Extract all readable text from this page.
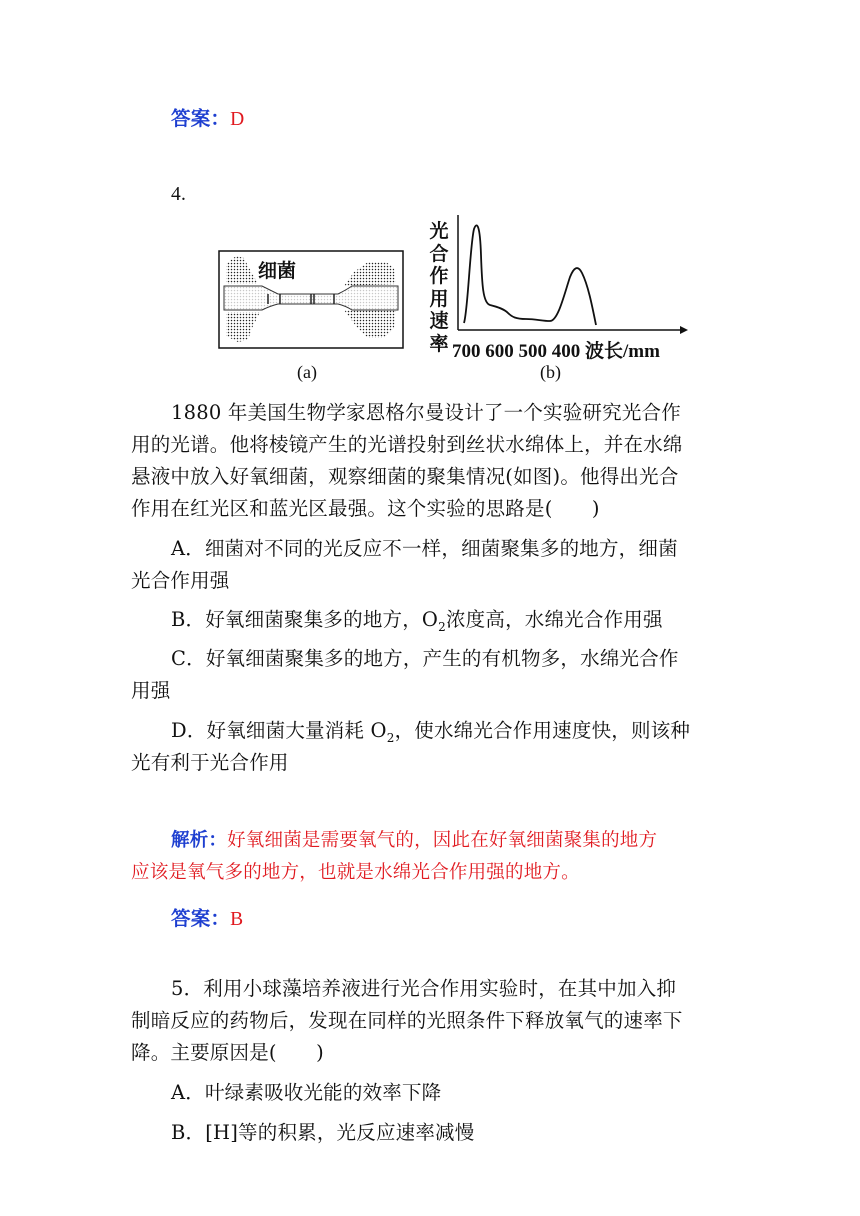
答案：D
4.
细菌
(a)
光
合
作
用
速
率 700 600 500 400 波长/mm
(b)
1880 年美国生物学家恩格尔曼设计了一个实验研究光合作
用的光谱。他将棱镜产生的光谱投射到丝状水绵体上，并在水绵
悬液中放入好氧细菌，观察细菌的聚集情况(如图)。他得出光合
作用在红光区和蓝光区最强。这个实验的思路是(　　)
A．细菌对不同的光反应不一样，细菌聚集多的地方，细菌
光合作用强
B．好氧细菌聚集多的地方，$O_2$浓度高，水绵光合作用强
C．好氧细菌聚集多的地方，产生的有机物多，水绵光合作
用强
D．好氧细菌大量消耗 $O_2$，使水绵光合作用速度快，则该种
光有利于光合作用
解析：好氧细菌是需要氧气的，因此在好氧细菌聚集的地方
应该是氧气多的地方，也就是水绵光合作用强的地方。
答案：B
5．利用小球藻培养液进行光合作用实验时，在其中加入抑
制暗反应的药物后，发现在同样的光照条件下释放氧气的速率下
降。主要原因是(　　)
A．叶绿素吸收光能的效率下降
B．[H]等的积累，光反应速率减慢
